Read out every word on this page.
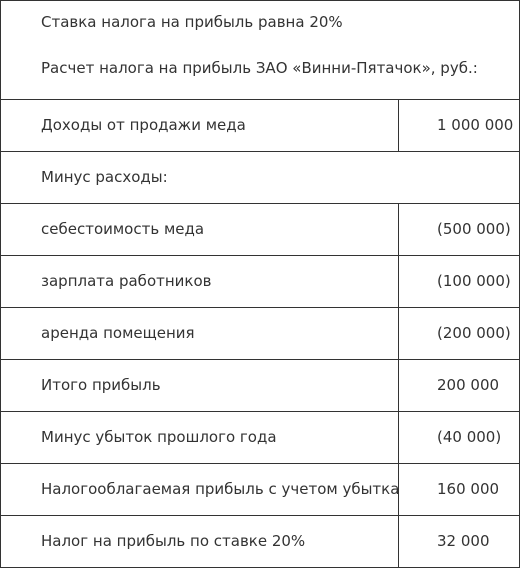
Ставка налога на прибыль равна 20%
Расчет налога на прибыль ЗАО «Винни-Пятачок», руб.:
Доходы от продажи меда	1 000 000
Минус расходы:
себестоимость меда	(500 000)
зарплата работников	(100 000)
аренда помещения	(200 000)
Итого прибыль	200 000
Минус убыток прошлого года	(40 000)
Налогооблагаемая прибыль с учетом убытка	160 000
Налог на прибыль по ставке 20%	32 000
